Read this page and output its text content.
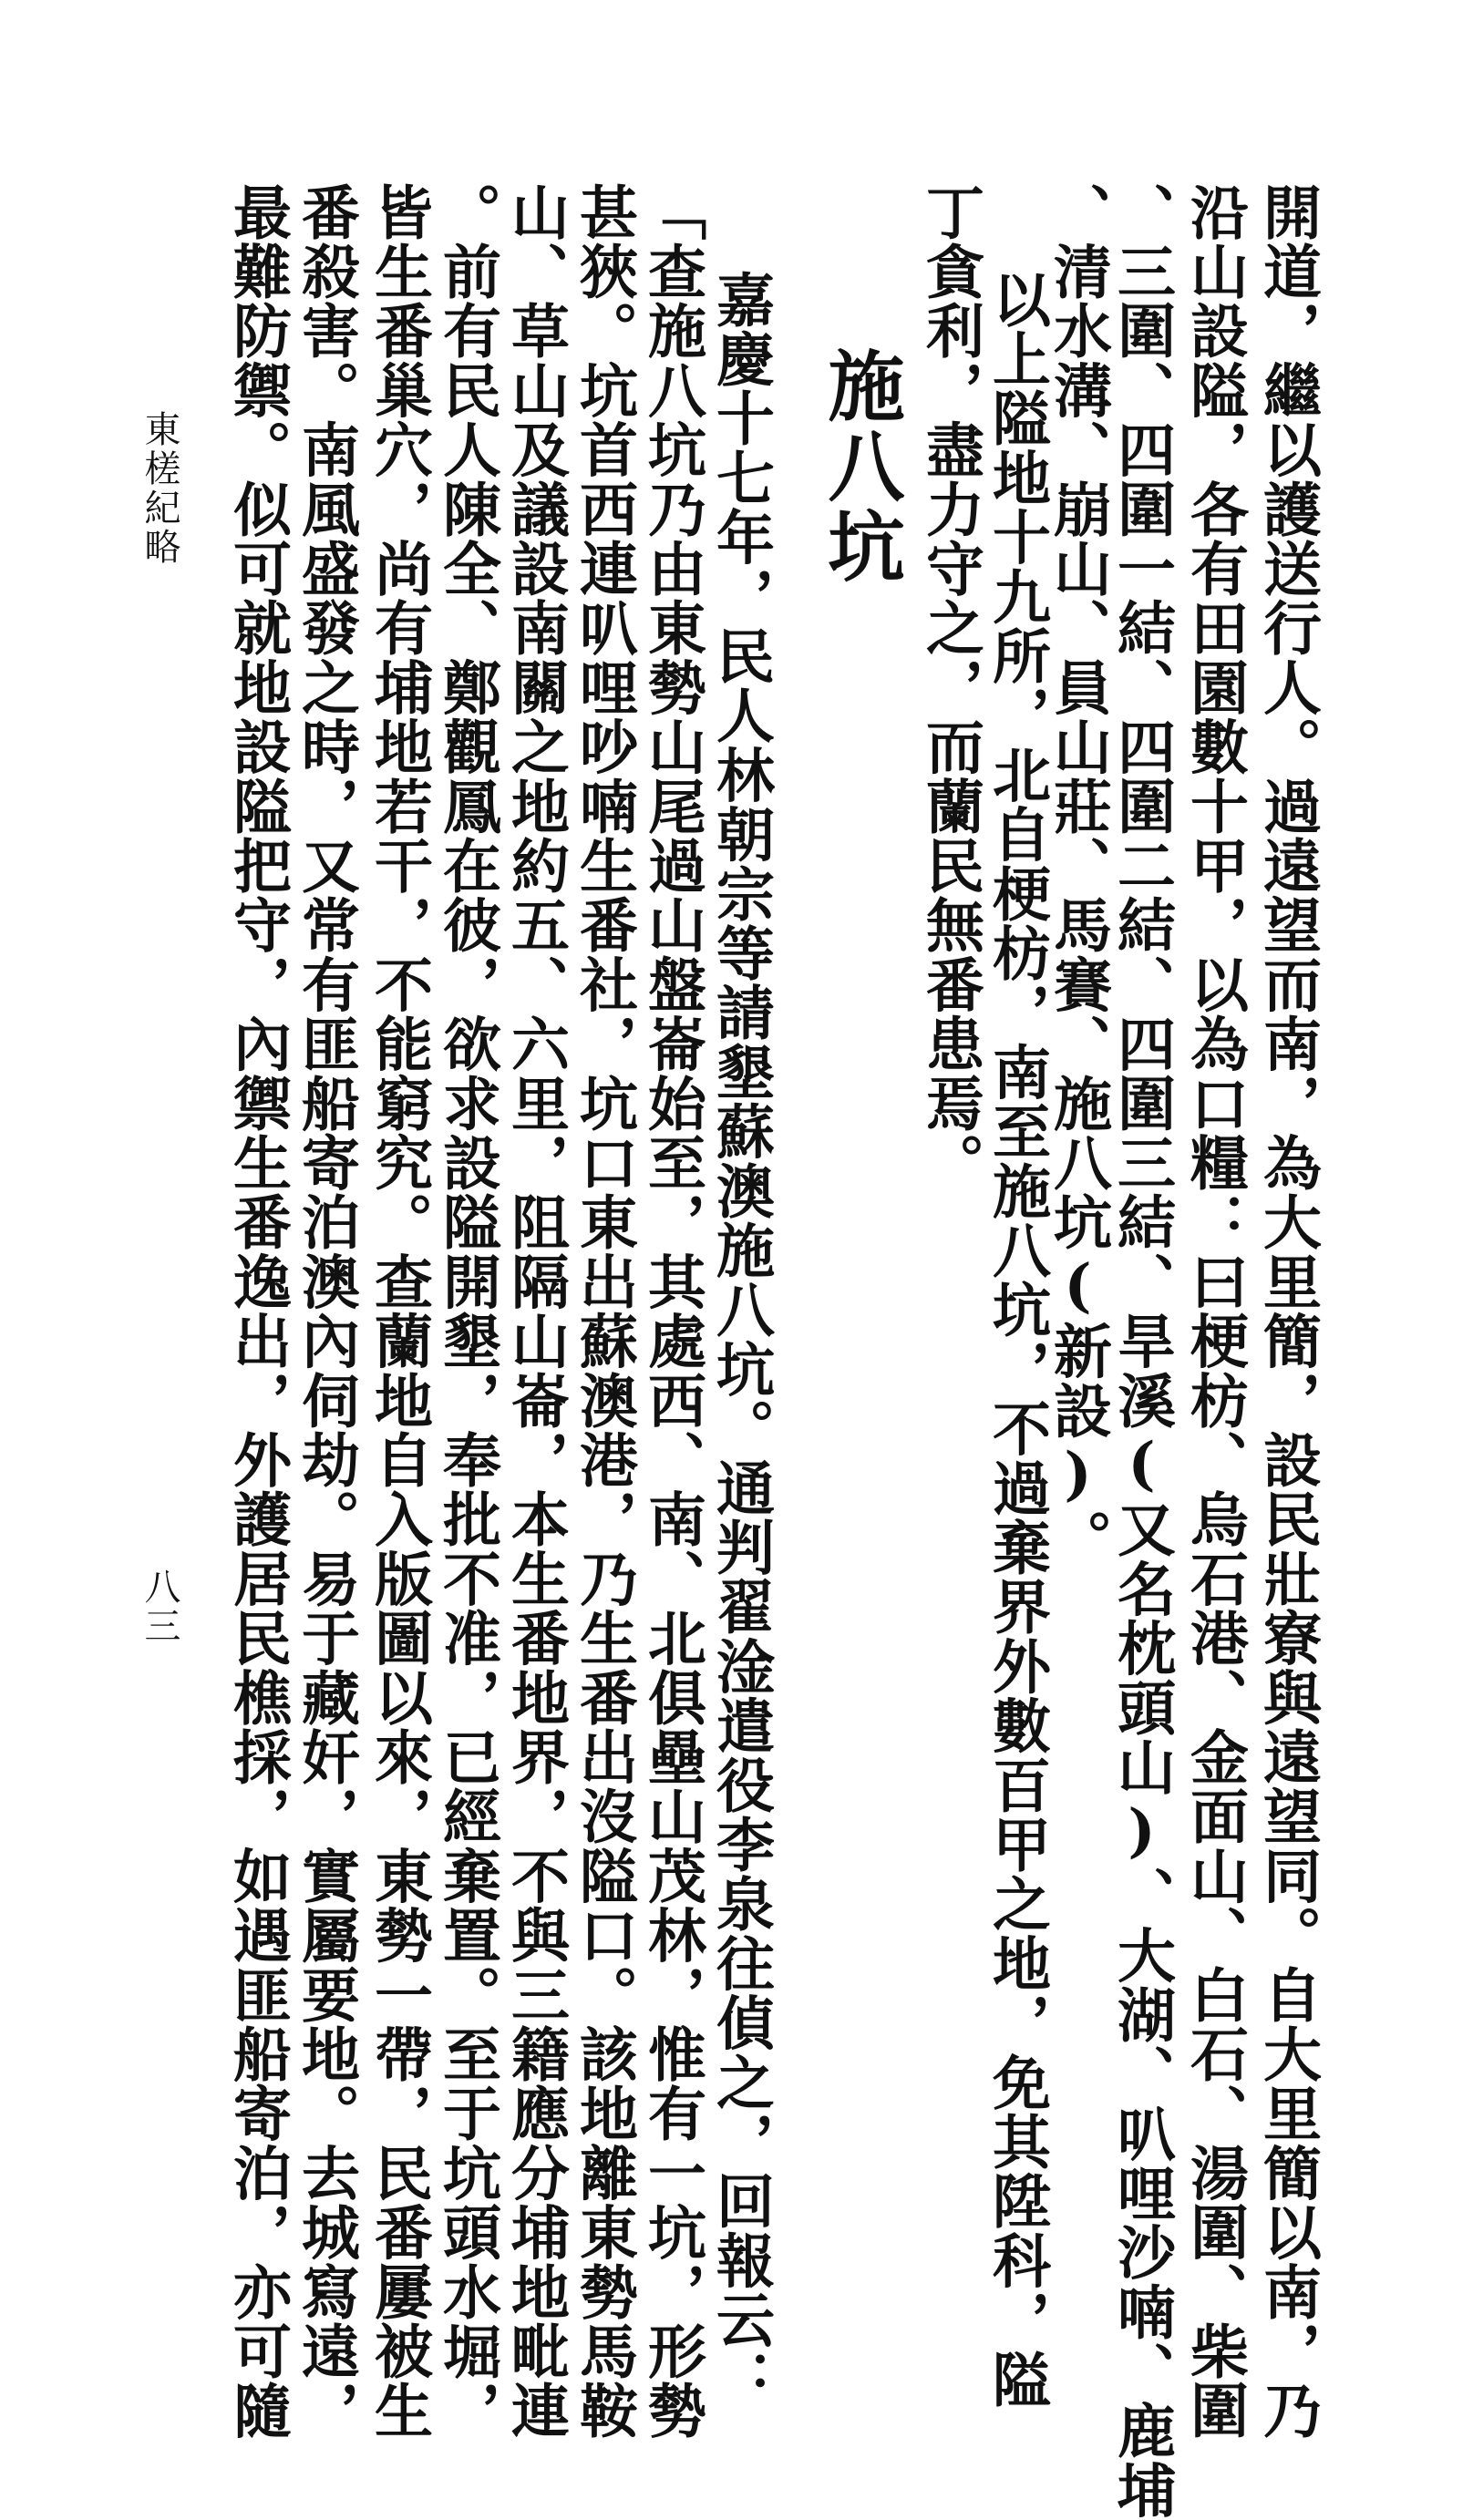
開道，繼以護送行人。過遠望而南，為大里簡，設民壯寮與遠望同。自大里簡以南，乃
沿山設隘，各有田園數十甲，以為口糧：曰梗枋、烏石港、金面山、白石、湯圍、柴圍
、三圍、四圍一結、四圍二結、四圍三結、旱溪(又名枕頭山)、大湖、叭哩沙喃、鹿埔
、清水溝、崩山、員山莊、馬賽、施八坑(新設)。
以上隘地十九所，北自梗枋，南至施八坑，不過棄界外數百甲之地，免其陞科，隘
丁貪利，盡力守之，而蘭民無番患焉。
施八坑
嘉慶十七年，民人林朝宗等請墾蘇澳施八坑。通判翟淦遣役李泉往偵之，回報云：
「查施八坑乃由東勢山尾過山盤崙始至，其處西、南、北俱壘山茂林，惟有一坑，形勢
甚狹。坑首西連叭哩吵喃生番社，坑口東出蘇澳港，乃生番出沒隘口。該地離東勢馬鞍
山、草山及議設南關之地約五、六里，阻隔山崙，本生番地界，不與三籍應分埔地毗連
。前有民人陳全、鄭觀鳳在彼，欲求設隘開墾，奉批不准，已經棄置。至于坑頭水堀，
皆生番巢穴，尚有埔地若干，不能窮究。查蘭地自入版圖以來，東勢一帶，民番屢被生
番殺害。南風盛發之時，又常有匪船寄泊澳內伺劫。易于藏奸，實屬要地。去城寫遠，
最難防禦。似可就地設隘把守，內禦生番逸出，外護居民樵採，如遇匪船寄泊，亦可隨
東槎紀略
八三
